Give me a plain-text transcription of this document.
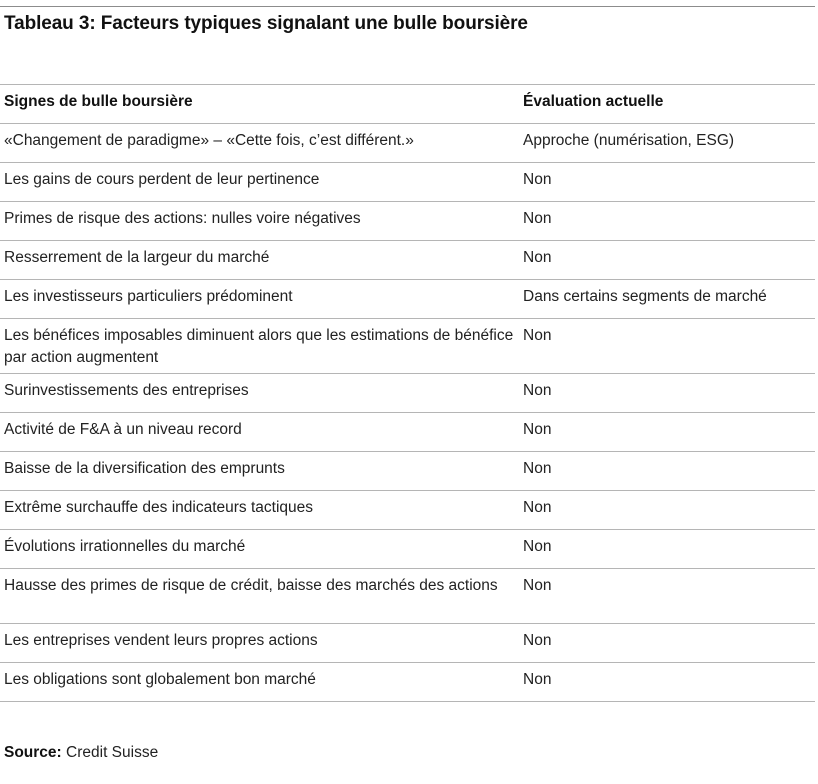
Tableau 3: Facteurs typiques signalant une bulle boursière
Signes de bulle boursière	Évaluation actuelle
«Changement de paradigme» – «Cette fois, c’est différent.»	Approche (numérisation, ESG)
Les gains de cours perdent de leur pertinence	Non
Primes de risque des actions: nulles voire négatives	Non
Resserrement de la largeur du marché	Non
Les investisseurs particuliers prédominent	Dans certains segments de marché
Les bénéfices imposables diminuent alors que les estimations de bénéfice par action augmentent	Non
Surinvestissements des entreprises	Non
Activité de F&A à un niveau record	Non
Baisse de la diversification des emprunts	Non
Extrême surchauffe des indicateurs tactiques	Non
Évolutions irrationnelles du marché	Non
Hausse des primes de risque de crédit, baisse des marchés des actions	Non
Les entreprises vendent leurs propres actions	Non
Les obligations sont globalement bon marché	Non
Source: Credit Suisse
